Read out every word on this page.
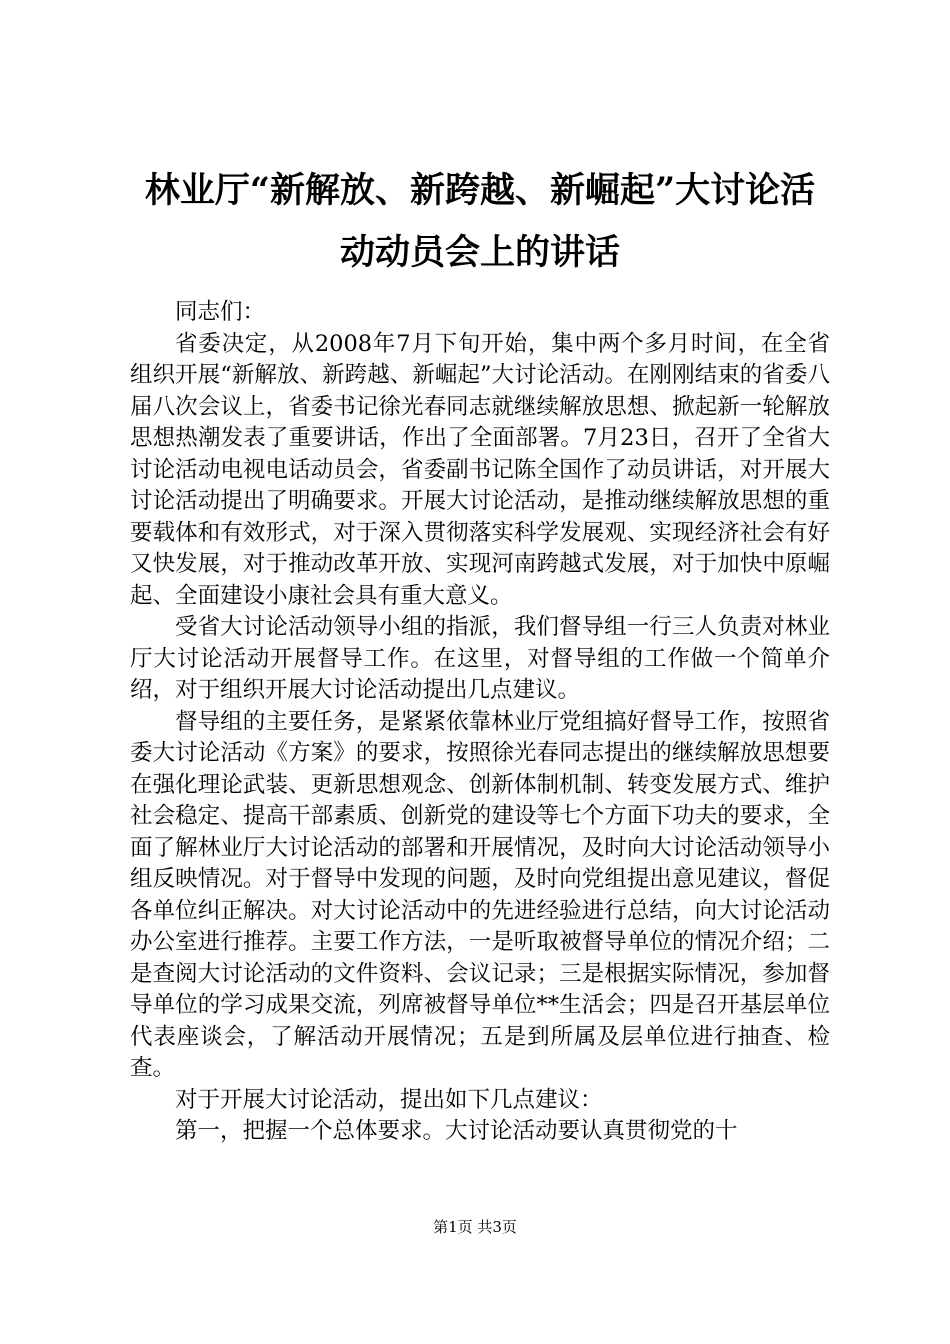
林业厅“新解放、新跨越、新崛起”大讨论活
动动员会上的讲话

同志们：

省委决定，从2008年7月下旬开始，集中两个多月时间，在全省组织开展“新解放、新跨越、新崛起”大讨论活动。在刚刚结束的省委八届八次会议上，省委书记徐光春同志就继续解放思想、掀起新一轮解放思想热潮发表了重要讲话，作出了全面部署。7月23日，召开了全省大讨论活动电视电话动员会，省委副书记陈全国作了动员讲话，对开展大讨论活动提出了明确要求。开展大讨论活动，是推动继续解放思想的重要载体和有效形式，对于深入贯彻落实科学发展观、实现经济社会有好又快发展，对于推动改革开放、实现河南跨越式发展，对于加快中原崛起、全面建设小康社会具有重大意义。

受省大讨论活动领导小组的指派，我们督导组一行三人负责对林业厅大讨论活动开展督导工作。在这里，对督导组的工作做一个简单介绍，对于组织开展大讨论活动提出几点建议。

督导组的主要任务，是紧紧依靠林业厅党组搞好督导工作，按照省委大讨论活动《方案》的要求，按照徐光春同志提出的继续解放思想要在强化理论武装、更新思想观念、创新体制机制、转变发展方式、维护社会稳定、提高干部素质、创新党的建设等七个方面下功夫的要求，全面了解林业厅大讨论活动的部署和开展情况，及时向大讨论活动领导小组反映情况。对于督导中发现的问题，及时向党组提出意见建议，督促各单位纠正解决。对大讨论活动中的先进经验进行总结，向大讨论活动办公室进行推荐。主要工作方法，一是听取被督导单位的情况介绍；二是查阅大讨论活动的文件资料、会议记录；三是根据实际情况，参加督导单位的学习成果交流，列席被督导单位**生活会；四是召开基层单位代表座谈会，了解活动开展情况；五是到所属及层单位进行抽查、检查。

对于开展大讨论活动，提出如下几点建议：

第一，把握一个总体要求。大讨论活动要认真贯彻党的十

第1页 共3页
